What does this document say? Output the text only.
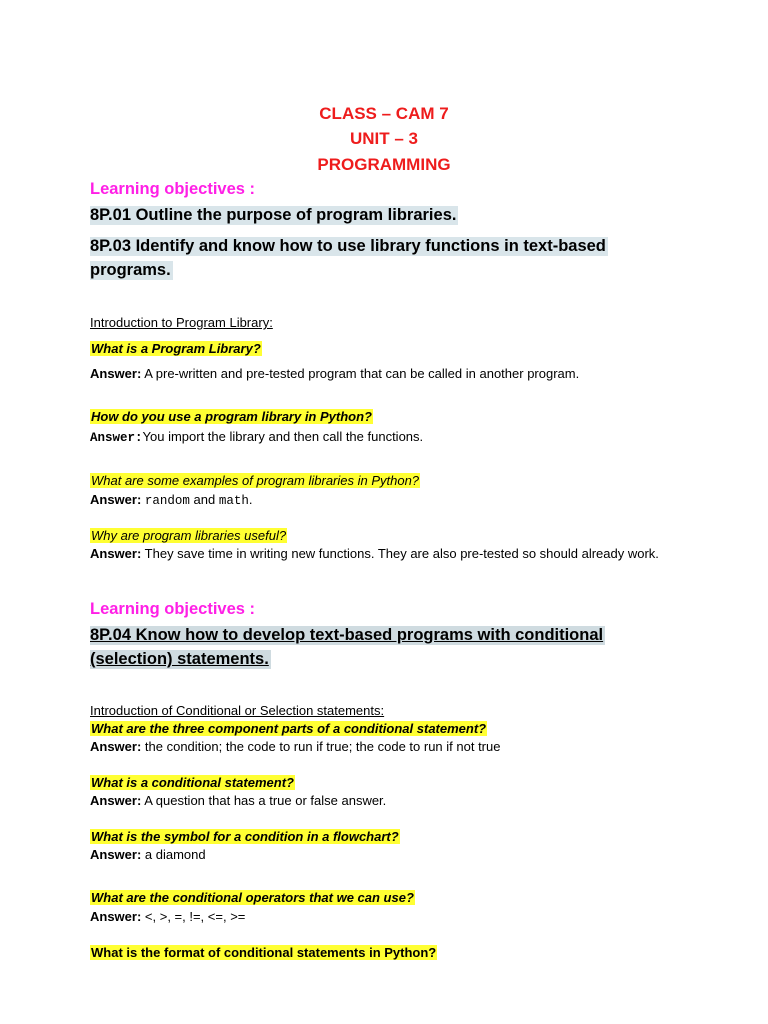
CLASS – CAM 7
UNIT – 3
PROGRAMMING
Learning objectives :
8P.01 Outline the purpose of program libraries.
8P.03 Identify and know how to use library functions in text-based
programs.
Introduction to Program Library:
What is a Program Library?
Answer: A pre-written and pre-tested program that can be called in another program.
How do you use a program library in Python?
Answer:You import the library and then call the functions.
What are some examples of program libraries in Python?
Answer: random and math.
Why are program libraries useful?
Answer: They save time in writing new functions. They are also pre-tested so should already work.
Learning objectives :
8P.04 Know how to develop text-based programs with conditional
(selection) statements.
Introduction of Conditional or Selection statements:
What are the three component parts of a conditional statement?
Answer: the condition; the code to run if true; the code to run if not true
What is a conditional statement?
Answer: A question that has a true or false answer.
What is the symbol for a condition in a flowchart?
Answer: a diamond
What are the conditional operators that we can use?
Answer: <, >, =, !=, <=, >=
What is the format of conditional statements in Python?
